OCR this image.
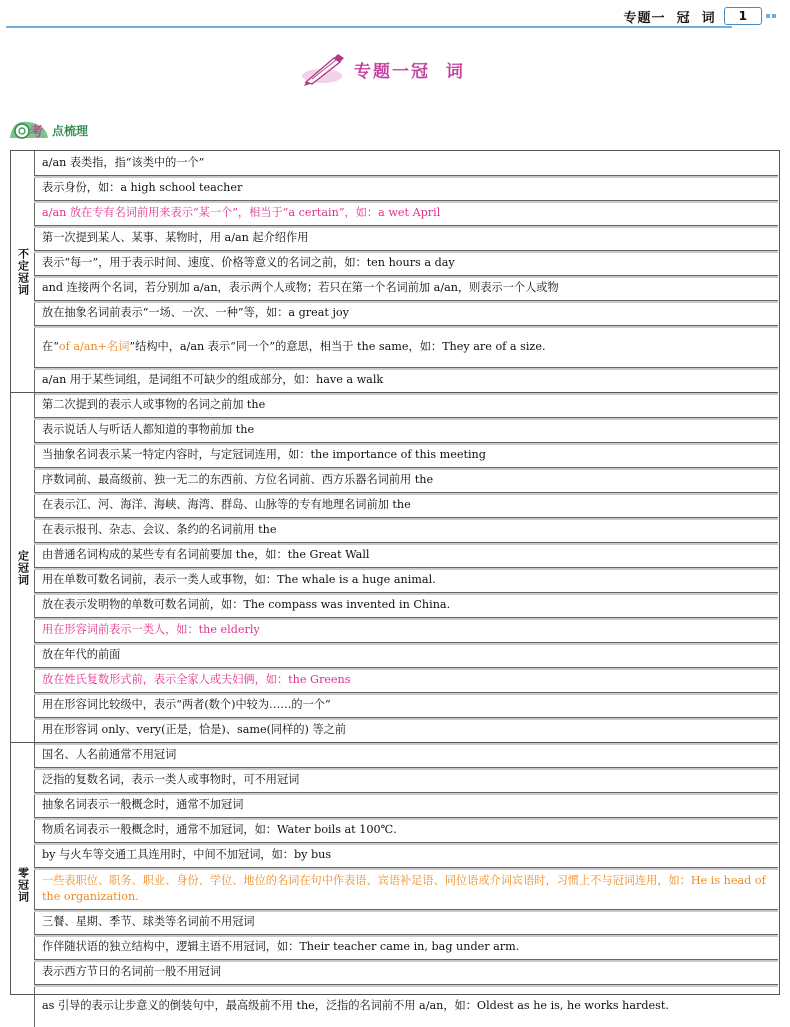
专题一  冠  词	1
专题一冠  词
考 点梳理
不定冠词
a/an 表类指，指“该类中的一个”
表示身份，如：a high school teacher
a/an 放在专有名词前用来表示“某一个”，相当于“a certain”，如：a wet April
第一次提到某人、某事、某物时，用 a/an 起介绍作用
表示“每一”，用于表示时间、速度、价格等意义的名词之前，如：ten hours a day
and 连接两个名词，若分别加 a/an，表示两个人或物；若只在第一个名词前加 a/an，则表示一个人或物
放在抽象名词前表示“一场、一次、一种”等，如：a great joy
在“of a/an+名词”结构中，a/an 表示“同一个”的意思，相当于 the same，如：They are of a size.
a/an 用于某些词组，是词组不可缺少的组成部分，如：have a walk
定冠词
第二次提到的表示人或事物的名词之前加 the
表示说话人与听话人都知道的事物前加 the
当抽象名词表示某一特定内容时，与定冠词连用，如：the importance of this meeting
序数词前、最高级前、独一无二的东西前、方位名词前、西方乐器名词前用 the
在表示江、河、海洋、海峡、海湾、群岛、山脉等的专有地理名词前加 the
在表示报刊、杂志、会议、条约的名词前用 the
由普通名词构成的某些专有名词前要加 the，如：the Great Wall
用在单数可数名词前，表示一类人或事物，如：The whale is a huge animal.
放在表示发明物的单数可数名词前，如：The compass was invented in China.
用在形容词前表示一类人，如：the elderly
放在年代的前面
放在姓氏复数形式前，表示全家人或夫妇俩，如：the Greens
用在形容词比较级中，表示“两者(数个)中较为……的一个”
用在形容词 only、very(正是，恰是)、same(同样的) 等之前
零冠词
国名、人名前通常不用冠词
泛指的复数名词，表示一类人或事物时，可不用冠词
抽象名词表示一般概念时，通常不加冠词
物质名词表示一般概念时，通常不加冠词，如：Water boils at 100℃.
by 与火车等交通工具连用时，中间不加冠词，如：by bus
一些表职位、职务、职业、身份、学位、地位的名词在句中作表语、宾语补足语、同位语或介词宾语时，习惯上不与冠词连用，如：He is head of the organization.
三餐、星期、季节、球类等名词前不用冠词
作伴随状语的独立结构中，逻辑主语不用冠词，如：Their teacher came in, bag under arm.
表示西方节日的名词前一般不用冠词
as 引导的表示让步意义的倒装句中，最高级前不用 the，泛指的名词前不用 a/an，如：Oldest as he is, he works hardest.
